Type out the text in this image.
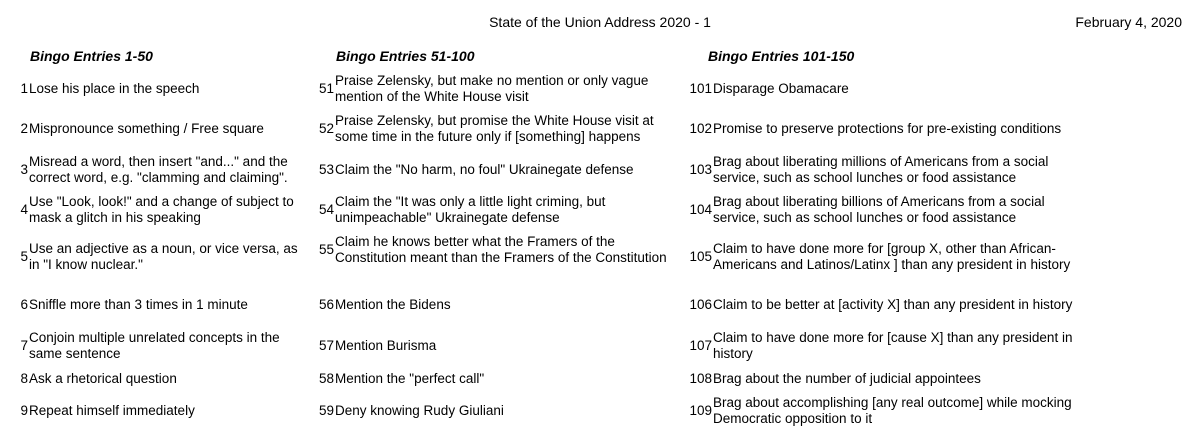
State of the Union Address 2020 - 1	February 4, 2020
Bingo Entries 1-50
1 Lose his place in the speech
2 Mispronounce something / Free square
3
Misread a word, then insert "and..." and the correct word, e.g. "clamming and claiming".
4
Use "Look, look!" and a change of subject to mask a glitch in his speaking
5
Use an adjective as a noun, or vice versa, as in "I know nuclear."
6 Sniffle more than 3 times in 1 minute
7
Conjoin multiple unrelated concepts in the same sentence
8 Ask a rhetorical question
9 Repeat himself immediately
Bingo Entries 51-100
51
Praise Zelensky, but make no mention or only vague mention of the White House visit
52
Praise Zelensky, but promise the White House visit at some time in the future only if [something] happens
53 Claim the "No harm, no foul" Ukrainegate defense
54
Claim the "It was only a little light criming, but unimpeachable" Ukrainegate defense
55
Claim he knows better what the Framers of the Constitution meant than the Framers of the Constitution
56 Mention the Bidens
57 Mention Burisma
58 Mention the "perfect call"
59 Deny knowing Rudy Giuliani
Bingo Entries 101-150
101 Disparage Obamacare
102 Promise to preserve protections for pre-existing conditions
103
Brag about liberating millions of Americans from a social service, such as school lunches or food assistance
104
Brag about liberating billions of Americans from a social service, such as school lunches or food assistance
105
Claim to have done more for [group X, other than African-Americans and Latinos/Latinx ] than any president in history
106 Claim to be better at [activity X] than any president in history
107
Claim to have done more for [cause X] than any president in history
108 Brag about the number of judicial appointees
109
Brag about accomplishing [any real outcome] while mocking Democratic opposition to it
